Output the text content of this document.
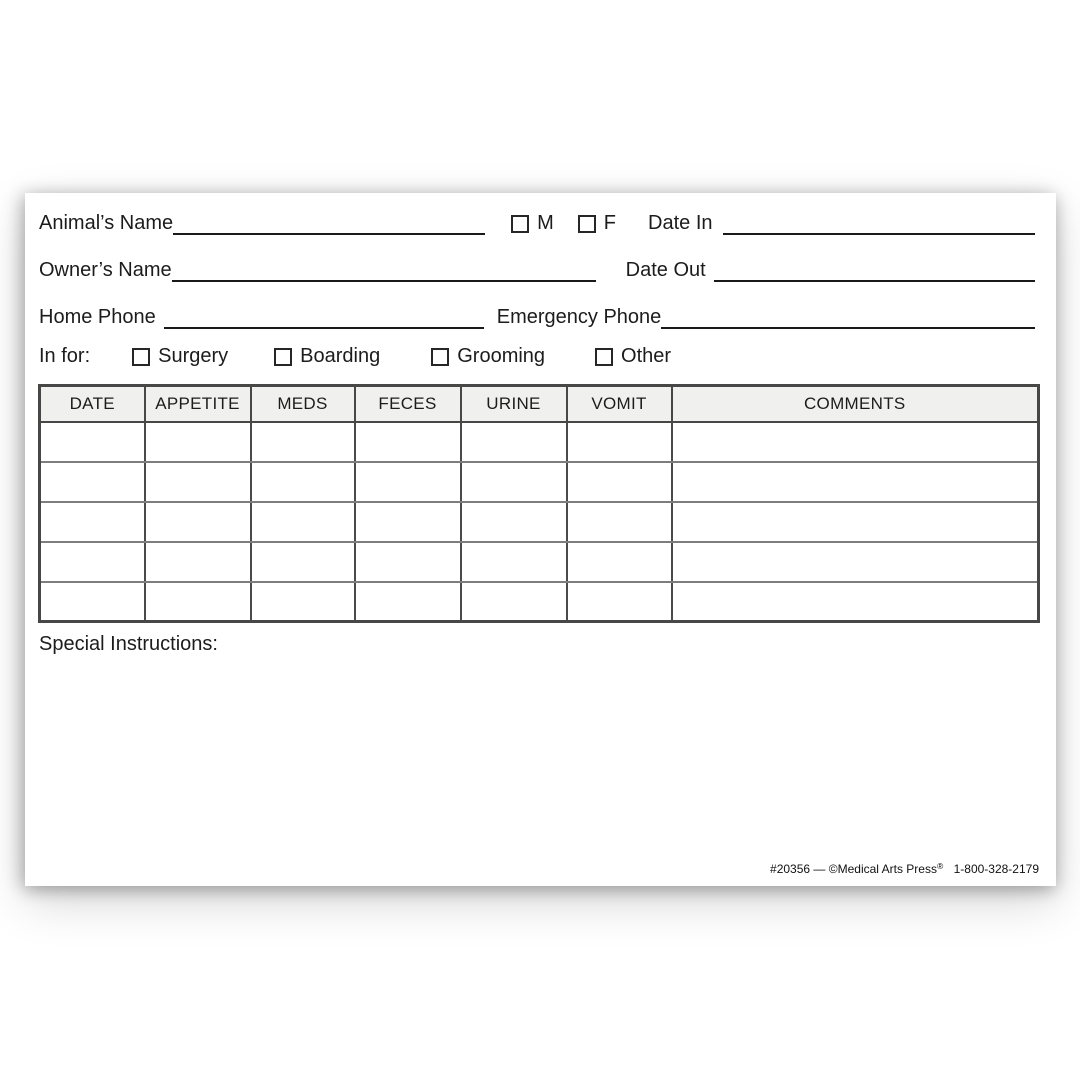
Animal’s Name	M	F Date In
Owner’s Name	Date Out
Home Phone	Emergency Phone
In for:	Surgery	Boarding	Grooming	Other
DATE	APPETITE	MEDS	FECES	URINE	VOMIT	COMMENTS

Special Instructions:
#20356 — ©Medical Arts Press® 1-800-328-2179
